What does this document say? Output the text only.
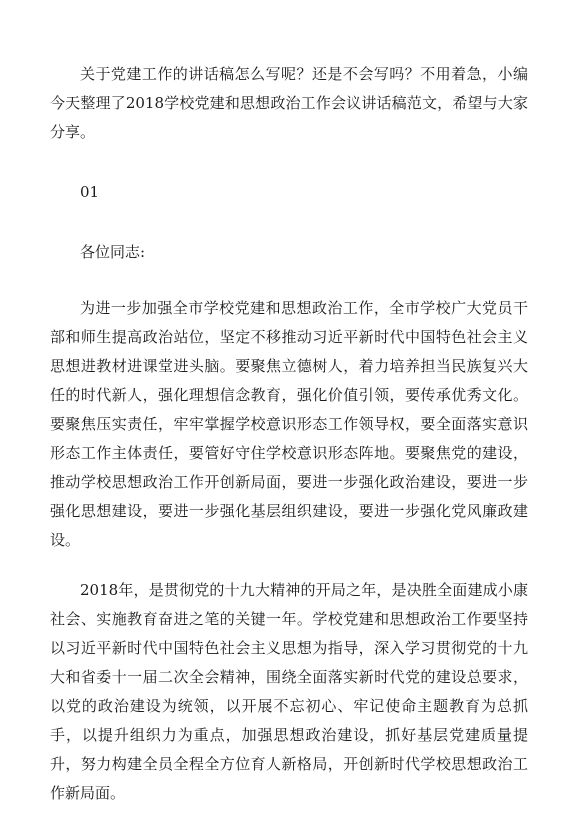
关于党建工作的讲话稿怎么写呢？还是不会写吗？不用着急，小编今天整理了2018学校党建和思想政治工作会议讲话稿范文，希望与大家分享。

01

各位同志:

为进一步加强全市学校党建和思想政治工作，全市学校广大党员干部和师生提高政治站位，坚定不移推动习近平新时代中国特色社会主义思想进教材进课堂进头脑。要聚焦立德树人，着力培养担当民族复兴大任的时代新人，强化理想信念教育，强化价值引领，要传承优秀文化。要聚焦压实责任，牢牢掌握学校意识形态工作领导权，要全面落实意识形态工作主体责任，要管好守住学校意识形态阵地。要聚焦党的建设，推动学校思想政治工作开创新局面，要进一步强化政治建设，要进一步强化思想建设，要进一步强化基层组织建设，要进一步强化党风廉政建设。

2018年，是贯彻党的十九大精神的开局之年，是决胜全面建成小康社会、实施教育奋进之笔的关键一年。学校党建和思想政治工作要坚持以习近平新时代中国特色社会主义思想为指导，深入学习贯彻党的十九大和省委十一届二次全会精神，围绕全面落实新时代党的建设总要求，以党的政治建设为统领，以开展不忘初心、牢记使命主题教育为总抓手，以提升组织力为重点，加强思想政治建设，抓好基层党建质量提升，努力构建全员全程全方位育人新格局，开创新时代学校思想政治工作新局面。
